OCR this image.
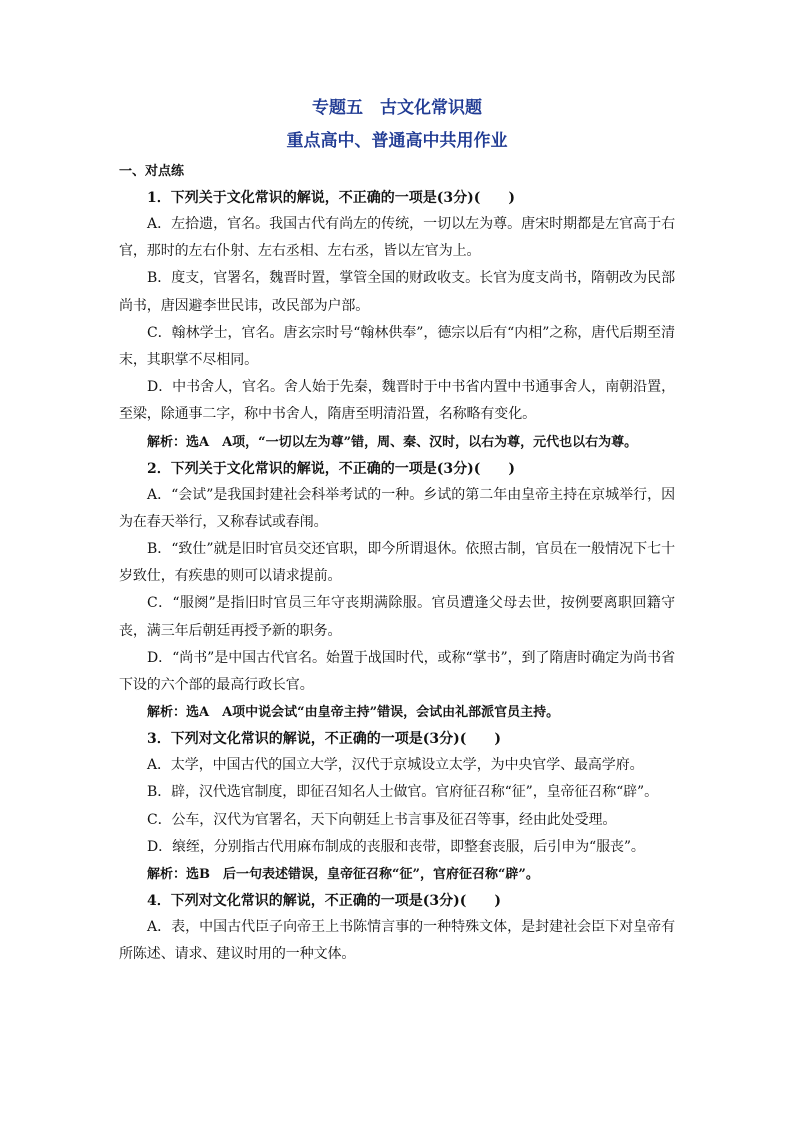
专题五　古文化常识题
重点高中、普通高中共用作业

一、对点练

1．下列关于文化常识的解说，不正确的一项是(3分)(　　)

A．左拾遗，官名。我国古代有尚左的传统，一切以左为尊。唐宋时期都是左官高于右官，那时的左右仆射、左右丞相、左右丞，皆以左官为上。

B．度支，官署名，魏晋时置，掌管全国的财政收支。长官为度支尚书，隋朝改为民部尚书，唐因避李世民讳，改民部为户部。

C．翰林学士，官名。唐玄宗时号“翰林供奉”，德宗以后有“内相”之称，唐代后期至清末，其职掌不尽相同。

D．中书舍人，官名。舍人始于先秦，魏晋时于中书省内置中书通事舍人，南朝沿置，至梁，除通事二字，称中书舍人，隋唐至明清沿置，名称略有变化。

解析：选A　A项，“一切以左为尊”错，周、秦、汉时，以右为尊，元代也以右为尊。

2．下列关于文化常识的解说，不正确的一项是(3分)(　　)

A．“会试”是我国封建社会科举考试的一种。乡试的第二年由皇帝主持在京城举行，因为在春天举行，又称春试或春闱。

B．“致仕”就是旧时官员交还官职，即今所谓退休。依照古制，官员在一般情况下七十岁致仕，有疾患的则可以请求提前。

C．“服阕”是指旧时官员三年守丧期满除服。官员遭逢父母去世，按例要离职回籍守丧，满三年后朝廷再授予新的职务。

D．“尚书”是中国古代官名。始置于战国时代，或称“掌书”，到了隋唐时确定为尚书省下设的六个部的最高行政长官。

解析：选A　A项中说会试“由皇帝主持”错误，会试由礼部派官员主持。

3．下列对文化常识的解说，不正确的一项是(3分)(　　)

A．太学，中国古代的国立大学，汉代于京城设立太学，为中央官学、最高学府。

B．辟，汉代选官制度，即征召知名人士做官。官府征召称“征”，皇帝征召称“辟”。

C．公车，汉代为官署名，天下向朝廷上书言事及征召等事，经由此处受理。

D．缞绖，分别指古代用麻布制成的丧服和丧带，即整套丧服，后引申为“服丧”。

解析：选B　后一句表述错误，皇帝征召称“征”，官府征召称“辟”。

4．下列对文化常识的解说，不正确的一项是(3分)(　　)

A．表，中国古代臣子向帝王上书陈情言事的一种特殊文体，是封建社会臣下对皇帝有所陈述、请求、建议时用的一种文体。
